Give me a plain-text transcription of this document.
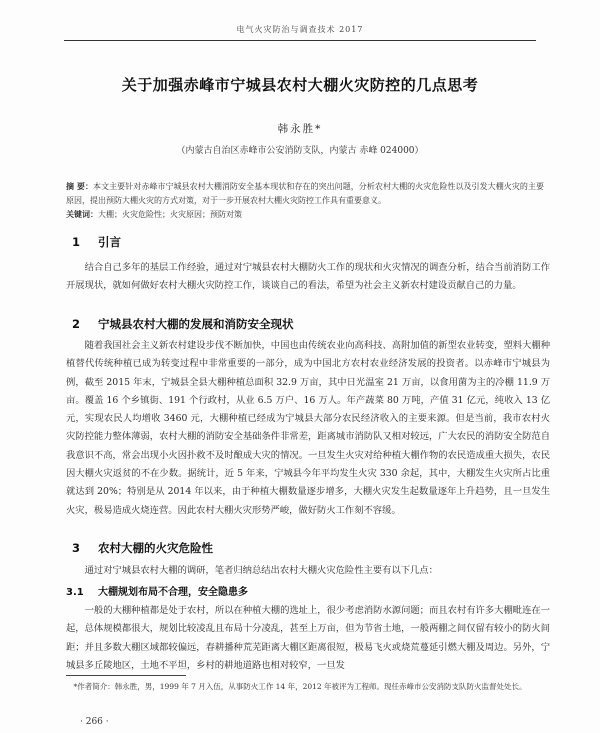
电气火灾防治与调查技术 2017
关于加强赤峰市宁城县农村大棚火灾防控的几点思考
韩永胜*
（内蒙古自治区赤峰市公安消防支队，内蒙古 赤峰 024000）
摘 要：本文主要针对赤峰市宁城县农村大棚消防安全基本现状和存在的突出问题，分析农村大棚的火灾危险性以及引发大棚火灾的主要原因，提出预防大棚火灾的方式对策，对于一步开展农村大棚火灾防控工作具有重要意义。
关键词：大棚；火灾危险性；火灾原因；预防对策
1 引言
结合自己多年的基层工作经验，通过对宁城县农村大棚防火工作的现状和火灾情况的调查分析，结合当前消防工作开展现状，就如何做好农村大棚火灾防控工作，谈谈自己的看法，希望为社会主义新农村建设贡献自己的力量。
2 宁城县农村大棚的发展和消防安全现状
随着我国社会主义新农村建设步伐不断加快，中国也由传统农业向高科技、高附加值的新型农业转变，塑料大棚种植替代传统种植已成为转变过程中非常重要的一部分，成为中国北方农村农业经济发展的投资者。以赤峰市宁城县为例，截至 2015 年末，宁城县全县大棚种植总面积 32.9 万亩，其中日光温室 21 万亩，以食用菌为主的冷棚 11.9 万亩。覆盖 16 个乡镇街、191 个行政村，从业 6.5 万户、16 万人。年产蔬菜 80 万吨，产值 31 亿元，纯收入 13 亿元，实现农民人均增收 3460 元，大棚种植已经成为宁城县大部分农民经济收入的主要来源。但是当前，我市农村火灾防控能力整体薄弱，农村大棚的消防安全基础条件非常差，距离城市消防队又相对较远，广大农民的消防安全防范自我意识不高，常会出现小火因扑救不及时酿成大灾的情况。一旦发生火灾对给种植大棚作物的农民造成重大损失，农民因大棚火灾返贫的不在少数。据统计，近 5 年来，宁城县今年平均发生火灾 330 余起，其中，大棚发生火灾所占比重就达到 20%；特别是从 2014 年以来，由于种植大棚数量逐步增多，大棚火灾发生起数量逐年上升趋势，且一旦发生火灾，极易造成火烧连营。因此农村大棚火灾形势严峻，做好防火工作刻不容缓。
3 农村大棚的火灾危险性
通过对宁城县农村大棚的调研，笔者归纳总结出农村大棚火灾危险性主要有以下几点：
3.1 大棚规划布局不合理，安全隐患多
一般的大棚种植都是处于农村，所以在种植大棚的选址上，很少考虑消防水源问题；而且农村有许多大棚毗连在一起，总体规模都很大，规划比较凌乱且布局十分凌乱，甚至上万亩，但为节省土地，一般两棚之间仅留有较小的防火间距；并且多数大棚区域都较偏远，春耕播种荒芜距离大棚区距离很短，极易飞火或烧荒蔓延引燃大棚及周边。另外，宁城县多丘陵地区，土地不平坦，乡村的耕地道路也相对较窄，一旦发
*作者简介：韩永胜，男，1999 年 7 月入伍，从事防火工作 14 年，2012 年被评为工程师。现任赤峰市公安消防支队防火监督处处长。
· 266 ·
